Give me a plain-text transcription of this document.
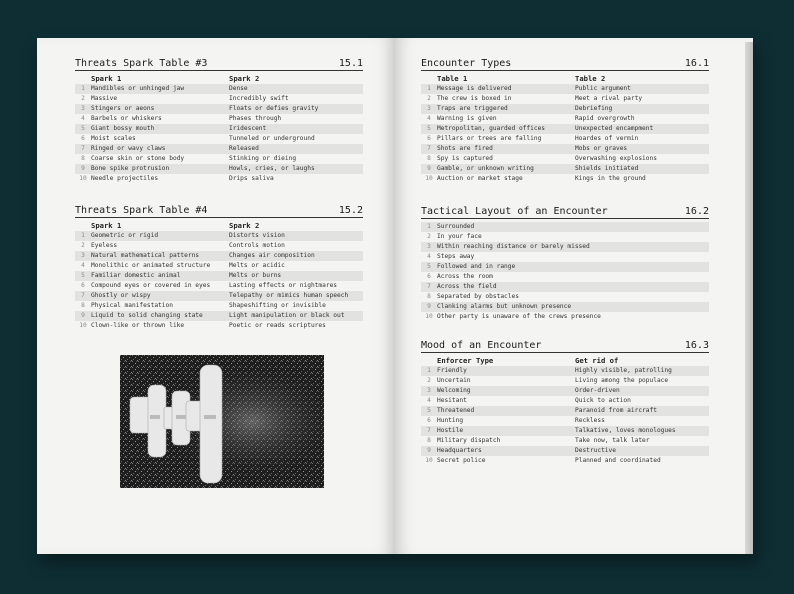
Threats Spark Table #3	15.1
Spark 1	Spark 2
1 Mandibles or unhinged jaw	Dense
2 Massive	Incredibly swift
3 Stingers or aeons	Floats or defies gravity
4 Barbels or whiskers	Phases through
5 Giant bossy mouth	Iridescent
6 Moist scales	Tunneled or underground
7 Ringed or wavy claws	Released
8 Coarse skin or stone body	Stinking or dieing
9 Bone spike protrusion	Howls, cries, or laughs
10 Needle projectiles	Drips saliva
Threats Spark Table #4	15.2
Spark 1	Spark 2
1 Geometric or rigid	Distorts vision
2 Eyeless	Controls motion
3 Natural mathematical patterns	Changes air composition
4 Monolithic or animated structure	Melts or acidic
5 Familiar domestic animal	Melts or burns
6 Compound eyes or covered in eyes	Lasting effects or nightmares
7 Ghostly or wispy	Telepathy or mimics human speech
8 Physical manifestation	Shapeshifting or invisible
9 Liquid to solid changing state	Light manipulation or black out
10 Clown-like or thrown like	Poetic or reads scriptures
Encounter Types	16.1
Table 1	Table 2
1 Message is delivered	Public argument
2 The crew is boxed in	Meet a rival party
3 Traps are triggered	Debriefing
4 Warning is given	Rapid overgrowth
5 Metropolitan, guarded offices	Unexpected encampment
6 Pillars or trees are falling	Hoardes of vermin
7 Shots are fired	Mobs or graves
8 Spy is captured	Overwashing explosions
9 Gamble, or unknown writing	Shields initiated
10 Auction or market stage	Kings in the ground
Tactical Layout of an Encounter	16.2
1 Surrounded
2 In your face
3 Within reaching distance or barely missed
4 Steps away
5 Followed and in range
6 Across the room
7 Across the field
8 Separated by obstacles
9 Clanking alarms but unknown presence
10 Other party is unaware of the crews presence
Mood of an Encounter	16.3
Enforcer Type	Get rid of
1 Friendly	Highly visible, patrolling
2 Uncertain	Living among the populace
3 Welcoming	Order-driven
4 Hesitant	Quick to action
5 Threatened	Paranoid from aircraft
6 Hunting	Reckless
7 Hostile	Talkative, loves monologues
8 Military dispatch	Take now, talk later
9 Headquarters	Destructive
10 Secret police	Planned and coordinated
